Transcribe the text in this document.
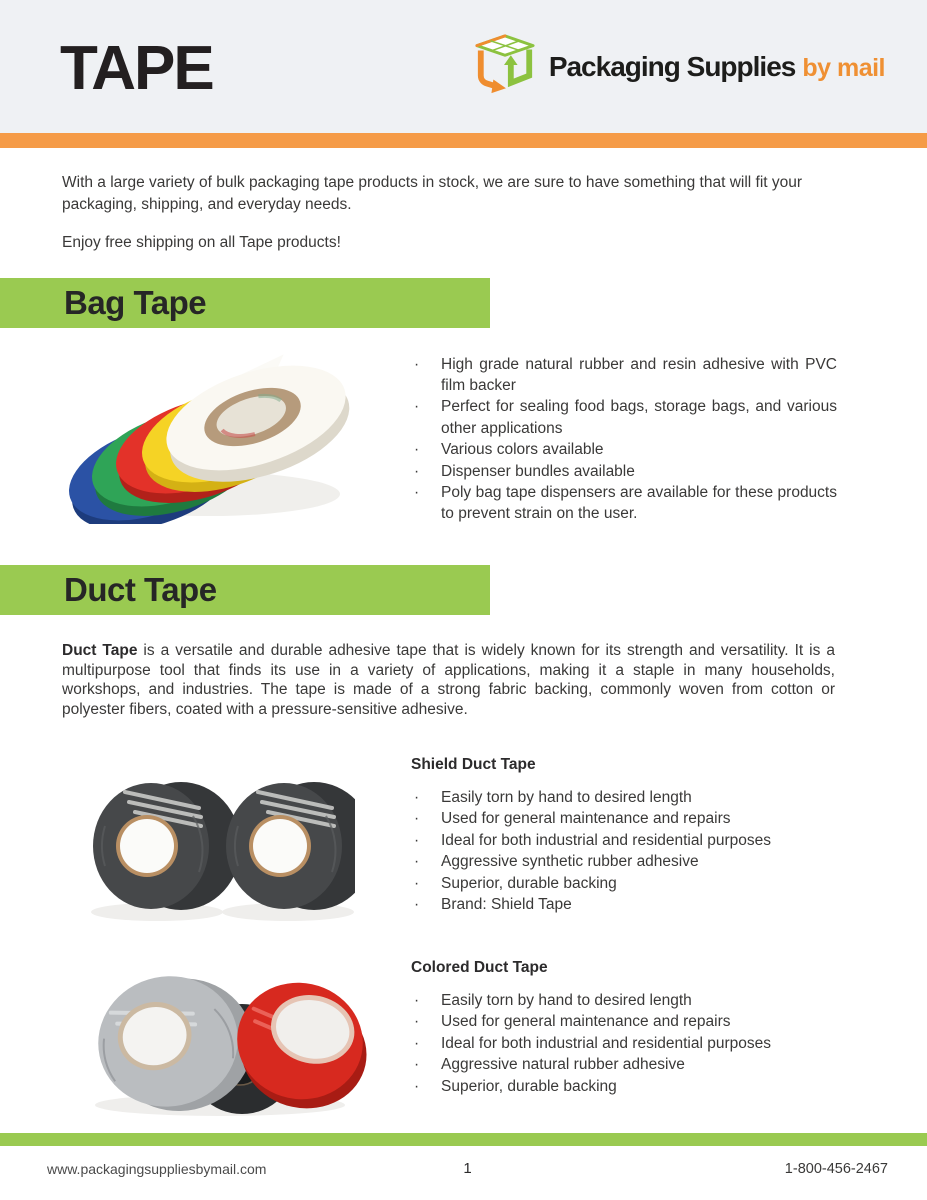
TAPE	Packaging Supplies by mail

With a large variety of bulk packaging tape products in stock, we are sure to have something that will fit your packaging, shipping, and everyday needs.

Enjoy free shipping on all Tape products!

Bag Tape
· High grade natural rubber and resin adhesive with PVC film backer
· Perfect for sealing food bags, storage bags, and various other applications
· Various colors available
· Dispenser bundles available
· Poly bag tape dispensers are available for these products to prevent strain on the user.
Duct Tape

Duct Tape is a versatile and durable adhesive tape that is widely known for its strength and versatility. It is a multipurpose tool that finds its use in a variety of applications, making it a staple in many households, workshops, and industries. The tape is made of a strong fabric backing, commonly woven from cotton or polyester fibers, coated with a pressure-sensitive adhesive.

Shield Duct Tape
· Easily torn by hand to desired length
· Used for general maintenance and repairs
· Ideal for both industrial and residential purposes
· Aggressive synthetic rubber adhesive
· Superior, durable backing
· Brand: Shield Tape
Colored Duct Tape
· Easily torn by hand to desired length
· Used for general maintenance and repairs
· Ideal for both industrial and residential purposes
· Aggressive natural rubber adhesive
· Superior, durable backing
www.packagingsuppliesbymail.com	1	1-800-456-2467
